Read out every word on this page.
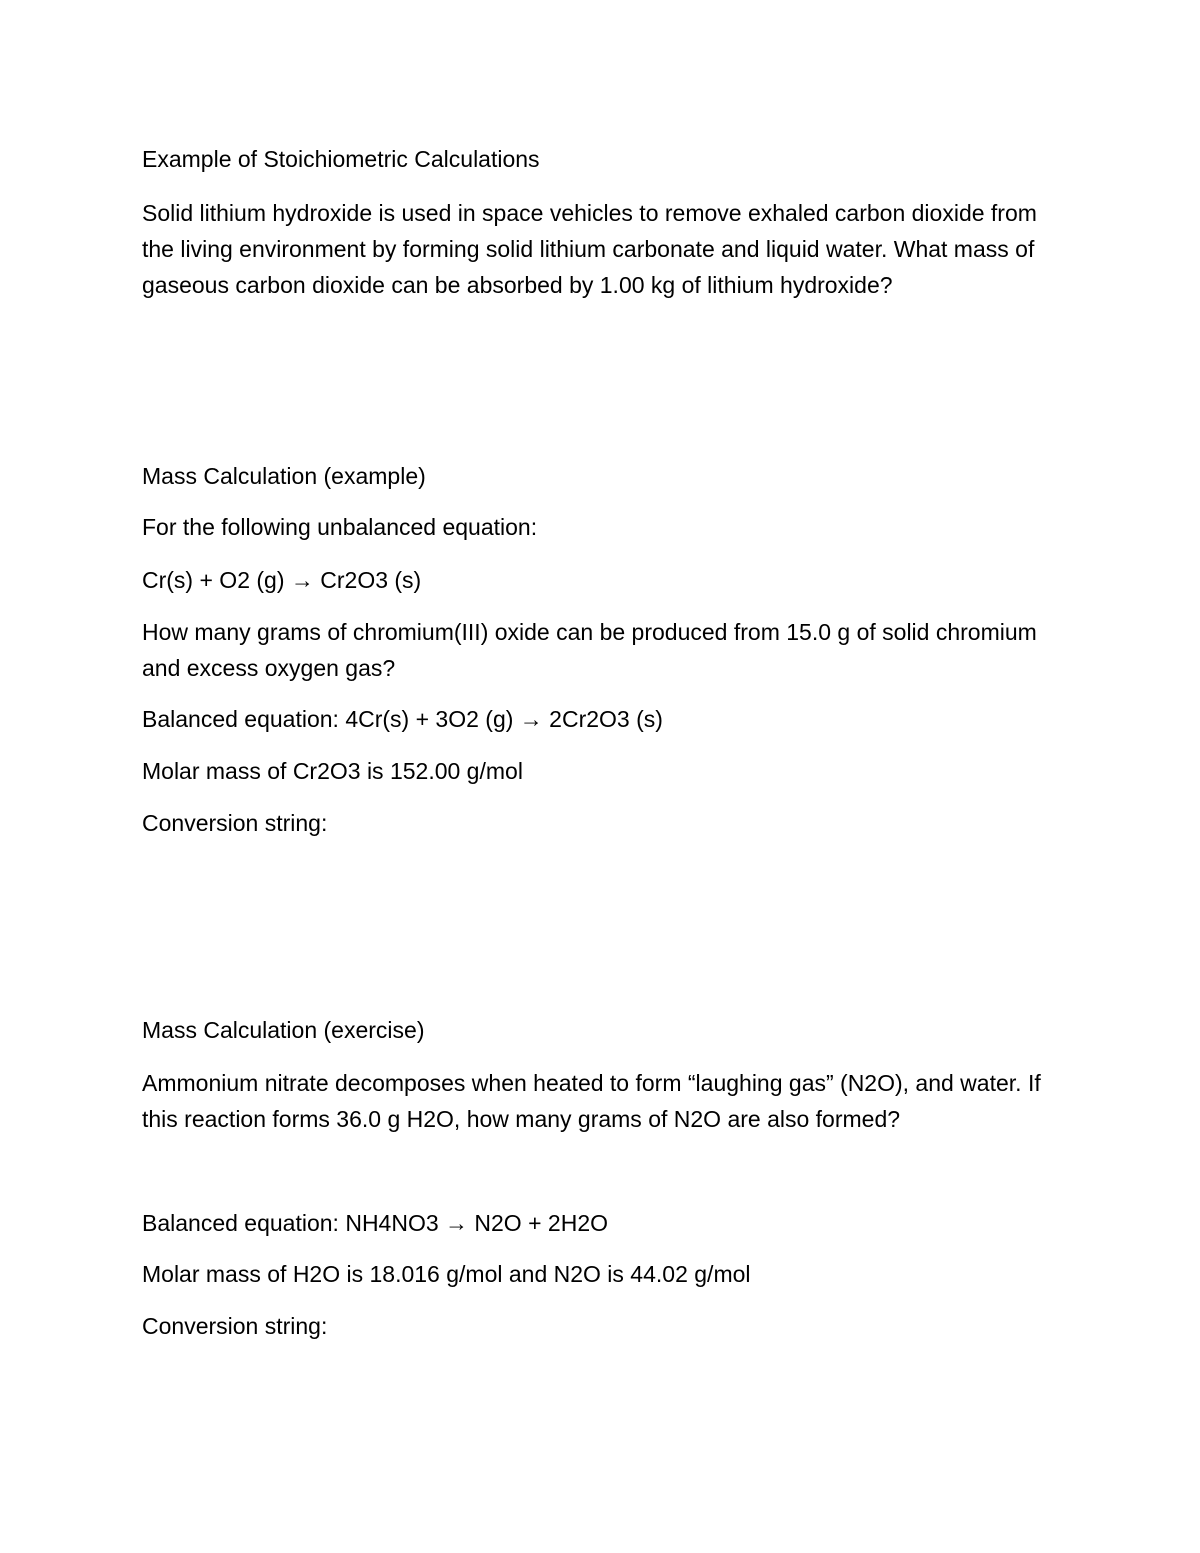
Example of Stoichiometric Calculations

Solid lithium hydroxide is used in space vehicles to remove exhaled carbon dioxide from the living environment by forming solid lithium carbonate and liquid water. What mass of gaseous carbon dioxide can be absorbed by 1.00 kg of lithium hydroxide?

Mass Calculation (example)

For the following unbalanced equation:

Cr(s) + O2 (g) → Cr2O3 (s)

How many grams of chromium(III) oxide can be produced from 15.0 g of solid chromium and excess oxygen gas?

Balanced equation: 4Cr(s) + 3O2 (g) → 2Cr2O3 (s)

Molar mass of Cr2O3 is 152.00 g/mol

Conversion string:

Mass Calculation (exercise)

Ammonium nitrate decomposes when heated to form “laughing gas” (N2O), and water. If this reaction forms 36.0 g H2O, how many grams of N2O are also formed?

Balanced equation: NH4NO3 → N2O + 2H2O

Molar mass of H2O is 18.016 g/mol and N2O is 44.02 g/mol

Conversion string:
